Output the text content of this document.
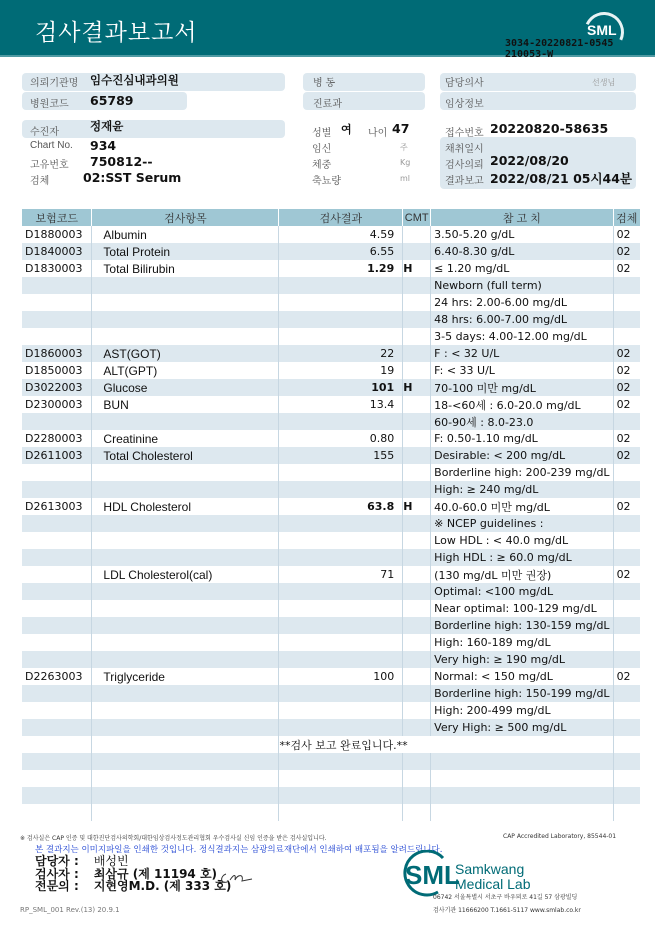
검사결과보고서	SML
3034-20220821-0545
210053-W
의뢰기관명 임수진심내과의원
병원코드 65789
병 동
진료과
담당의사	선생님
임상정보
수진자	정재윤
Chart No. 934
고유번호 750812--
검체	02:SST Serum
성별 여 나이 47
임신	주
체중	Kg
축뇨량	ml
접수번호 20220820-58635
채취일시
검사의뢰 2022/08/20
결과보고 2022/08/21 05시44분
보험코드	검사항목	검사결과	CMT	참 고 치	검체
D1880003	Albumin	4.59		3.50-5.20 g/dL	02
D1840003	Total Protein	6.55		6.40-8.30 g/dL	02
D1830003	Total Bilirubin	1.29	H	≤ 1.20 mg/dL	02
				Newborn (full term)	
				24 hrs: 2.00-6.00 mg/dL	
				48 hrs: 6.00-7.00 mg/dL	
				3-5 days: 4.00-12.00 mg/dL	
D1860003	AST(GOT)	22		F : < 32 U/L	02
D1850003	ALT(GPT)	19		F: < 33 U/L	02
D3022003	Glucose	101	H	70-100 미만 mg/dL	02
D2300003	BUN	13.4		18-<60세 : 6.0-20.0 mg/dL	02
				60-90세 : 8.0-23.0	
D2280003	Creatinine	0.80		F: 0.50-1.10 mg/dL	02
D2611003	Total Cholesterol	155		Desirable: < 200 mg/dL	02
				Borderline high: 200-239 mg/dL	
				High: ≥ 240 mg/dL	
D2613003	HDL Cholesterol	63.8	H	40.0-60.0 미만 mg/dL	02
				※ NCEP guidelines :	
				Low HDL : < 40.0 mg/dL	
				High HDL : ≥ 60.0 mg/dL	
	LDL Cholesterol(cal)	71		(130 mg/dL 미만 권장)	02
				Optimal: <100 mg/dL	
				Near optimal: 100-129 mg/dL	
				Borderline high: 130-159 mg/dL	
				High: 160-189 mg/dL	
				Very high: ≥ 190 mg/dL	
D2263003	Triglyceride	100		Normal: < 150 mg/dL	02
				Borderline high: 150-199 mg/dL	
				High: 200-499 mg/dL	
				Very High: ≥ 500 mg/dL	
		**검사 보고 완료입니다.**			

※ 검사실은 CAP 인증 및 대한진단검사의학회/대한임상검사정도관리협회 우수검사실 신임 인증을 받은 검사실입니다.	CAP Accredited Laboratory, 85544-01
본 결과지는 이미지파일을 인쇄한 것입니다. 정식결과지는 삼광의료재단에서 인쇄하여 배포됨을 알려드립니다.
담당자 : 배성빈
검사자 : 최삼규 (제 11194 호)
전문의 : 지현영M.D. (제 333 호)	SML
Samkwang
Medical Lab
06742 서울특별시 서초구 바우뫼로 41길 57 삼광빌딩
검사기관 11666200 T.1661-5117 www.smlab.co.kr
RP_SML_001 Rev.(13) 20.9.1
